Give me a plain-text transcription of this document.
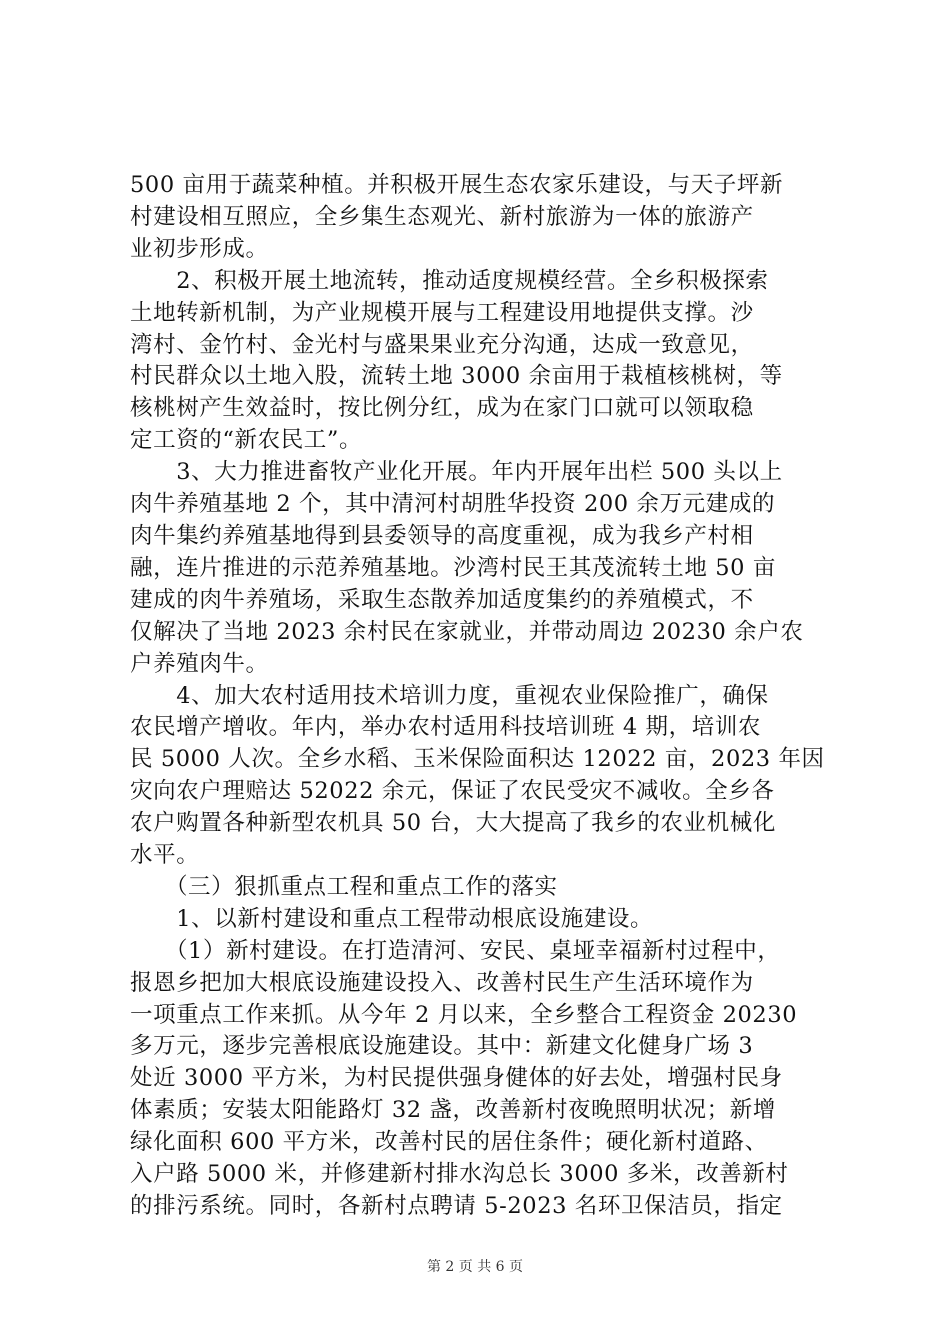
500 亩用于蔬菜种植。并积极开展生态农家乐建设，与天子坪新

村建设相互照应，全乡集生态观光、新村旅游为一体的旅游产

业初步形成。

　　2、积极开展土地流转，推动适度规模经营。全乡积极探索

土地转新机制，为产业规模开展与工程建设用地提供支撑。沙

湾村、金竹村、金光村与盛果果业充分沟通，达成一致意见，

村民群众以土地入股，流转土地 3000 余亩用于栽植核桃树，等

核桃树产生效益时，按比例分红，成为在家门口就可以领取稳

定工资的“新农民工”。

　　3、大力推进畜牧产业化开展。年内开展年出栏 500 头以上

肉牛养殖基地 2 个，其中清河村胡胜华投资 200 余万元建成的

肉牛集约养殖基地得到县委领导的高度重视，成为我乡产村相

融，连片推进的示范养殖基地。沙湾村民王其茂流转土地 50 亩

建成的肉牛养殖场，采取生态散养加适度集约的养殖模式，不

仅解决了当地 2023 余村民在家就业，并带动周边 20230 余户农

户养殖肉牛。

　　4、加大农村适用技术培训力度，重视农业保险推广，确保

农民增产增收。年内，举办农村适用科技培训班 4 期，培训农

民 5000 人次。全乡水稻、玉米保险面积达 12022 亩，2023 年因

灾向农户理赔达 52022 余元，保证了农民受灾不减收。全乡各

农户购置各种新型农机具 50 台，大大提高了我乡的农业机械化

水平。

　　（三）狠抓重点工程和重点工作的落实

　　1、以新村建设和重点工程带动根底设施建设。

　　（1）新村建设。在打造清河、安民、桌垭幸福新村过程中，

报恩乡把加大根底设施建设投入、改善村民生产生活环境作为

一项重点工作来抓。从今年 2 月以来，全乡整合工程资金 20230

多万元，逐步完善根底设施建设。其中：新建文化健身广场 3

处近 3000 平方米，为村民提供强身健体的好去处，增强村民身

体素质；安装太阳能路灯 32 盏，改善新村夜晚照明状况；新增

绿化面积 600 平方米，改善村民的居住条件；硬化新村道路、

入户路 5000 米，并修建新村排水沟总长 3000 多米，改善新村

的排污系统。同时，各新村点聘请 5-2023 名环卫保洁员，指定

第 2 页 共 6 页
